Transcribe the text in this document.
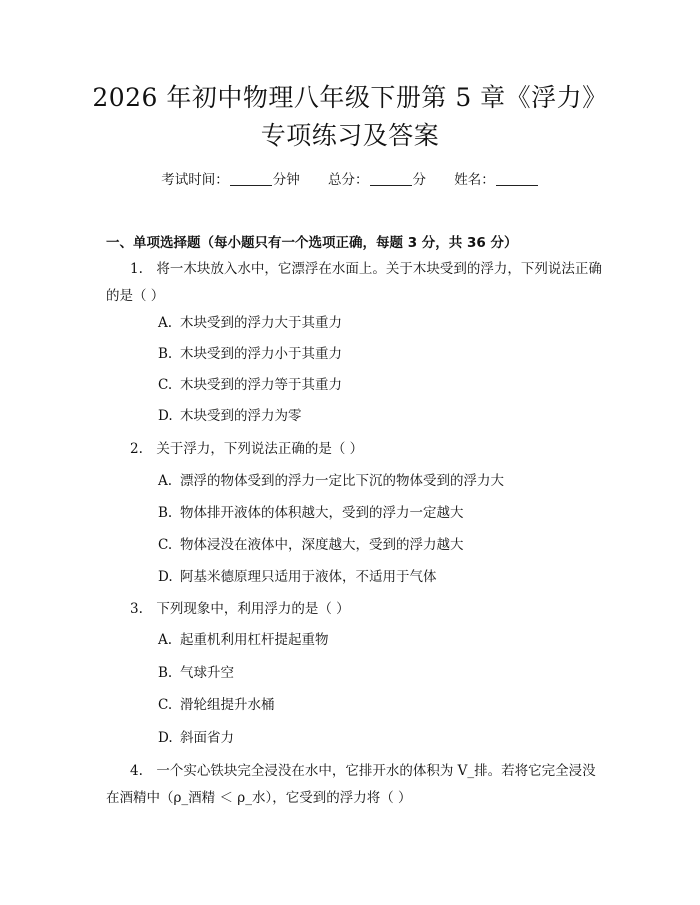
2026 年初中物理八年级下册第 5 章《浮力》
专项练习及答案
考试时间：	分钟 总分：	分 姓名：
一、单项选择题（每小题只有一个选项正确，每题 3 分，共 36 分）
1.　将一木块放入水中，它漂浮在水面上。关于木块受到的浮力，下列说法正确的是（ ）
A. 木块受到的浮力大于其重力
B. 木块受到的浮力小于其重力
C. 木块受到的浮力等于其重力
D. 木块受到的浮力为零
2.　关于浮力，下列说法正确的是（ ）
A. 漂浮的物体受到的浮力一定比下沉的物体受到的浮力大
B. 物体排开液体的体积越大，受到的浮力一定越大
C. 物体浸没在液体中，深度越大，受到的浮力越大
D. 阿基米德原理只适用于液体，不适用于气体
3.　下列现象中，利用浮力的是（ ）
A. 起重机利用杠杆提起重物
B. 气球升空
C. 滑轮组提升水桶
D. 斜面省力
4.　一个实心铁块完全浸没在水中，它排开水的体积为 V_排。若将它完全浸没在酒精中（ρ_酒精 ＜ ρ_水），它受到的浮力将（ ）
